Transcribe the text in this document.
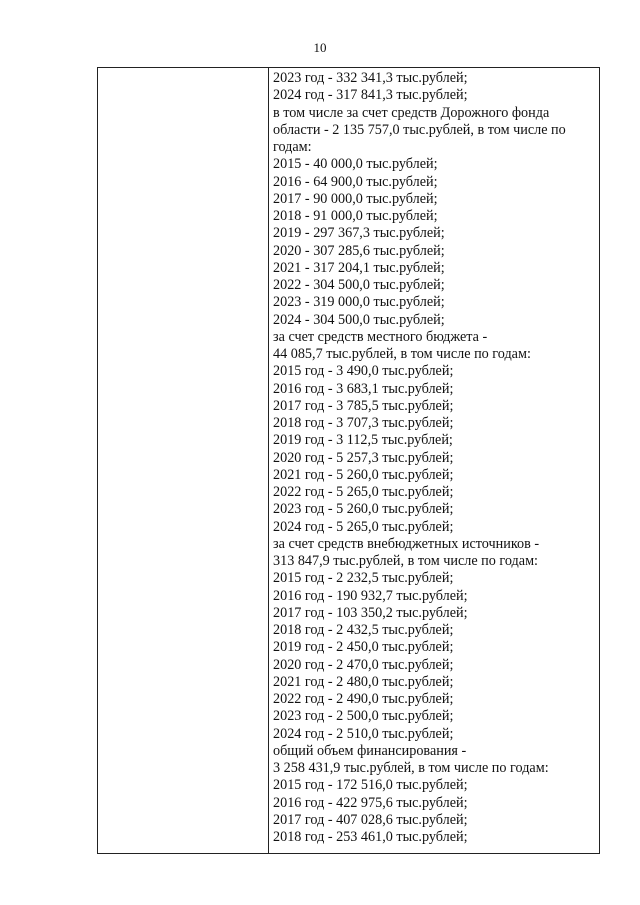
10
2023 год - 332 341,3 тыс.рублей;
2024 год - 317 841,3 тыс.рублей;
в том числе за счет средств Дорожного фонда
области - 2 135 757,0 тыс.рублей, в том числе по
годам:
2015 - 40 000,0 тыс.рублей;
2016 - 64 900,0 тыс.рублей;
2017 - 90 000,0 тыс.рублей;
2018 - 91 000,0 тыс.рублей;
2019 - 297 367,3 тыс.рублей;
2020 - 307 285,6 тыс.рублей;
2021 - 317 204,1 тыс.рублей;
2022 - 304 500,0 тыс.рублей;
2023 - 319 000,0 тыс.рублей;
2024 - 304 500,0 тыс.рублей;
за счет средств местного бюджета -
44 085,7 тыс.рублей, в том числе по годам:
2015 год - 3 490,0 тыс.рублей;
2016 год - 3 683,1 тыс.рублей;
2017 год - 3 785,5 тыс.рублей;
2018 год - 3 707,3 тыс.рублей;
2019 год - 3 112,5 тыс.рублей;
2020 год - 5 257,3 тыс.рублей;
2021 год - 5 260,0 тыс.рублей;
2022 год - 5 265,0 тыс.рублей;
2023 год - 5 260,0 тыс.рублей;
2024 год - 5 265,0 тыс.рублей;
за счет средств внебюджетных источников -
313 847,9 тыс.рублей, в том числе по годам:
2015 год - 2 232,5 тыс.рублей;
2016 год - 190 932,7 тыс.рублей;
2017 год - 103 350,2 тыс.рублей;
2018 год - 2 432,5 тыс.рублей;
2019 год - 2 450,0 тыс.рублей;
2020 год - 2 470,0 тыс.рублей;
2021 год - 2 480,0 тыс.рублей;
2022 год - 2 490,0 тыс.рублей;
2023 год - 2 500,0 тыс.рублей;
2024 год - 2 510,0 тыс.рублей;
общий объем финансирования -
3 258 431,9 тыс.рублей, в том числе по годам:
2015 год - 172 516,0 тыс.рублей;
2016 год - 422 975,6 тыс.рублей;
2017 год - 407 028,6 тыс.рублей;
2018 год - 253 461,0 тыс.рублей;
